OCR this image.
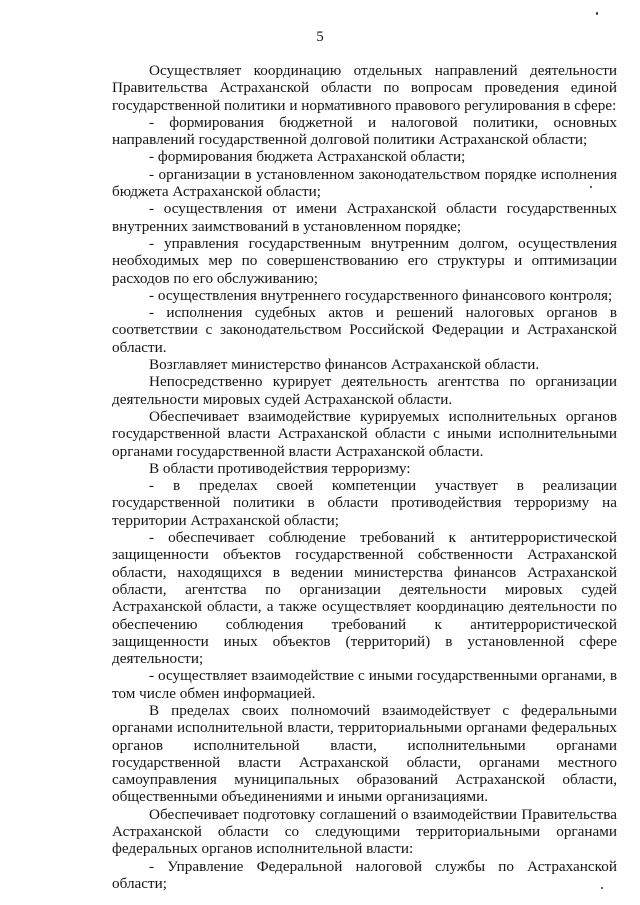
5

Осуществляет координацию отдельных направлений деятельности Правительства Астраханской области по вопросам проведения единой государственной политики и нормативного правового регулирования в сфере:

- формирования бюджетной и налоговой политики, основных направлений государственной долговой политики Астраханской области;

- формирования бюджета Астраханской области;

- организации в установленном законодательством порядке исполнения бюджета Астраханской области;

- осуществления от имени Астраханской области государственных внутренних заимствований в установленном порядке;

- управления государственным внутренним долгом, осуществления необходимых мер по совершенствованию его структуры и оптимизации расходов по его обслуживанию;

- осуществления внутреннего государственного финансового контроля;

- исполнения судебных актов и решений налоговых органов в соответствии с законодательством Российской Федерации и Астраханской области.

Возглавляет министерство финансов Астраханской области.

Непосредственно курирует деятельность агентства по организации деятельности мировых судей Астраханской области.

Обеспечивает взаимодействие курируемых исполнительных органов государственной власти Астраханской области с иными исполнительными органами государственной власти Астраханской области.

В области противодействия терроризму:

- в пределах своей компетенции участвует в реализации государственной политики в области противодействия терроризму на территории Астраханской области;

- обеспечивает соблюдение требований к антитеррористической защищенности объектов государственной собственности Астраханской области, находящихся в ведении министерства финансов Астраханской области, агентства по организации деятельности мировых судей Астраханской области, а также осуществляет координацию деятельности по обеспечению соблюдения требований к антитеррористической защищенности иных объектов (территорий) в установленной сфере деятельности;

- осуществляет взаимодействие с иными государственными органами, в том числе обмен информацией.

В пределах своих полномочий взаимодействует с федеральными органами исполнительной власти, территориальными органами федеральных органов исполнительной власти, исполнительными органами государственной власти Астраханской области, органами местного самоуправления муниципальных образований Астраханской области, общественными объединениями и иными организациями.

Обеспечивает подготовку соглашений о взаимодействии Правительства Астраханской области со следующими территориальными органами федеральных органов исполнительной власти:

- Управление Федеральной налоговой службы по Астраханской области;
